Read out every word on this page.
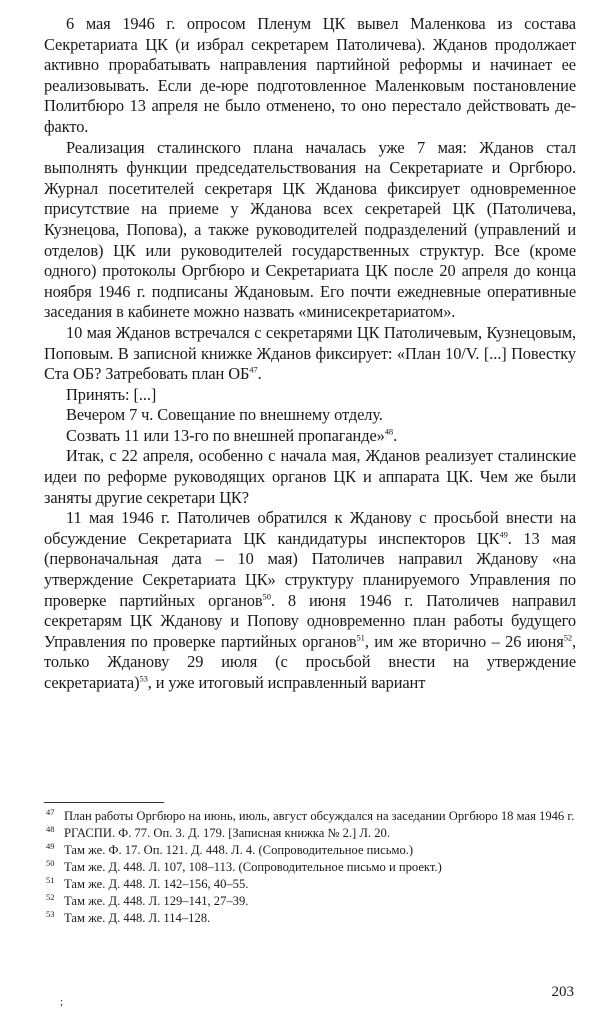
6 мая 1946 г. опросом Пленум ЦК вывел Маленкова из состава Секретариата ЦК (и избрал секретарем Патоличева). Жданов продолжает активно прорабатывать направления партийной реформы и начинает ее реализовывать. Если де-юре подготовленное Маленковым постановление Политбюро 13 апреля не было отменено, то оно перестало действовать де-факто.

Реализация сталинского плана началась уже 7 мая: Жданов стал выполнять функции председательствования на Секретариате и Оргбюро. Журнал посетителей секретаря ЦК Жданова фиксирует одновременное присутствие на приеме у Жданова всех секретарей ЦК (Патоличева, Кузнецова, Попова), а также руководителей подразделений (управлений и отделов) ЦК или руководителей государственных структур. Все (кроме одного) протоколы Оргбюро и Секретариата ЦК после 20 апреля до конца ноября 1946 г. подписаны Ждановым. Его почти ежедневные оперативные заседания в кабинете можно назвать «минисекретариатом».

10 мая Жданов встречался с секретарями ЦК Патоличевым, Кузнецовым, Поповым. В записной книжке Жданов фиксирует: «План 10/V. [...] Повестку Ста ОБ? Затребовать план ОБ$^{47}$.

Принять: [...]

Вечером 7 ч. Совещание по внешнему отделу.

Созвать 11 или 13-го по внешней пропаганде»$^{48}$.

Итак, с 22 апреля, особенно с начала мая, Жданов реализует сталинские идеи по реформе руководящих органов ЦК и аппарата ЦК. Чем же были заняты другие секретари ЦК?

11 мая 1946 г. Патоличев обратился к Жданову с просьбой внести на обсуждение Секретариата ЦК кандидатуры инспекторов ЦК$^{49}$. 13 мая (первоначальная дата – 10 мая) Патоличев направил Жданову «на утверждение Секретариата ЦК» структуру планируемого Управления по проверке партийных органов$^{50}$. 8 июня 1946 г. Патоличев направил секретарям ЦК Жданову и Попову одновременно план работы будущего Управления по проверке партийных органов$^{51}$, им же вторично – 26 июня$^{52}$, только Жданову 29 июля (с просьбой внести на утверждение секретариата)$^{53}$, и уже итоговый исправленный вариант

47 План работы Оргбюро на июнь, июль, август обсуждался на заседании Оргбюро 18 мая 1946 г.
48 РГАСПИ. Ф. 77. Оп. 3. Д. 179. [Записная книжка № 2.] Л. 20.
49 Там же. Ф. 17. Оп. 121. Д. 448. Л. 4. (Сопроводительное письмо.)
50 Там же. Д. 448. Л. 107, 108–113. (Сопроводительное письмо и проект.)
51 Там же. Д. 448. Л. 142–156, 40–55.
52 Там же. Д. 448. Л. 129–141, 27–39.
53 Там же. Д. 448. Л. 114–128.
203
;
